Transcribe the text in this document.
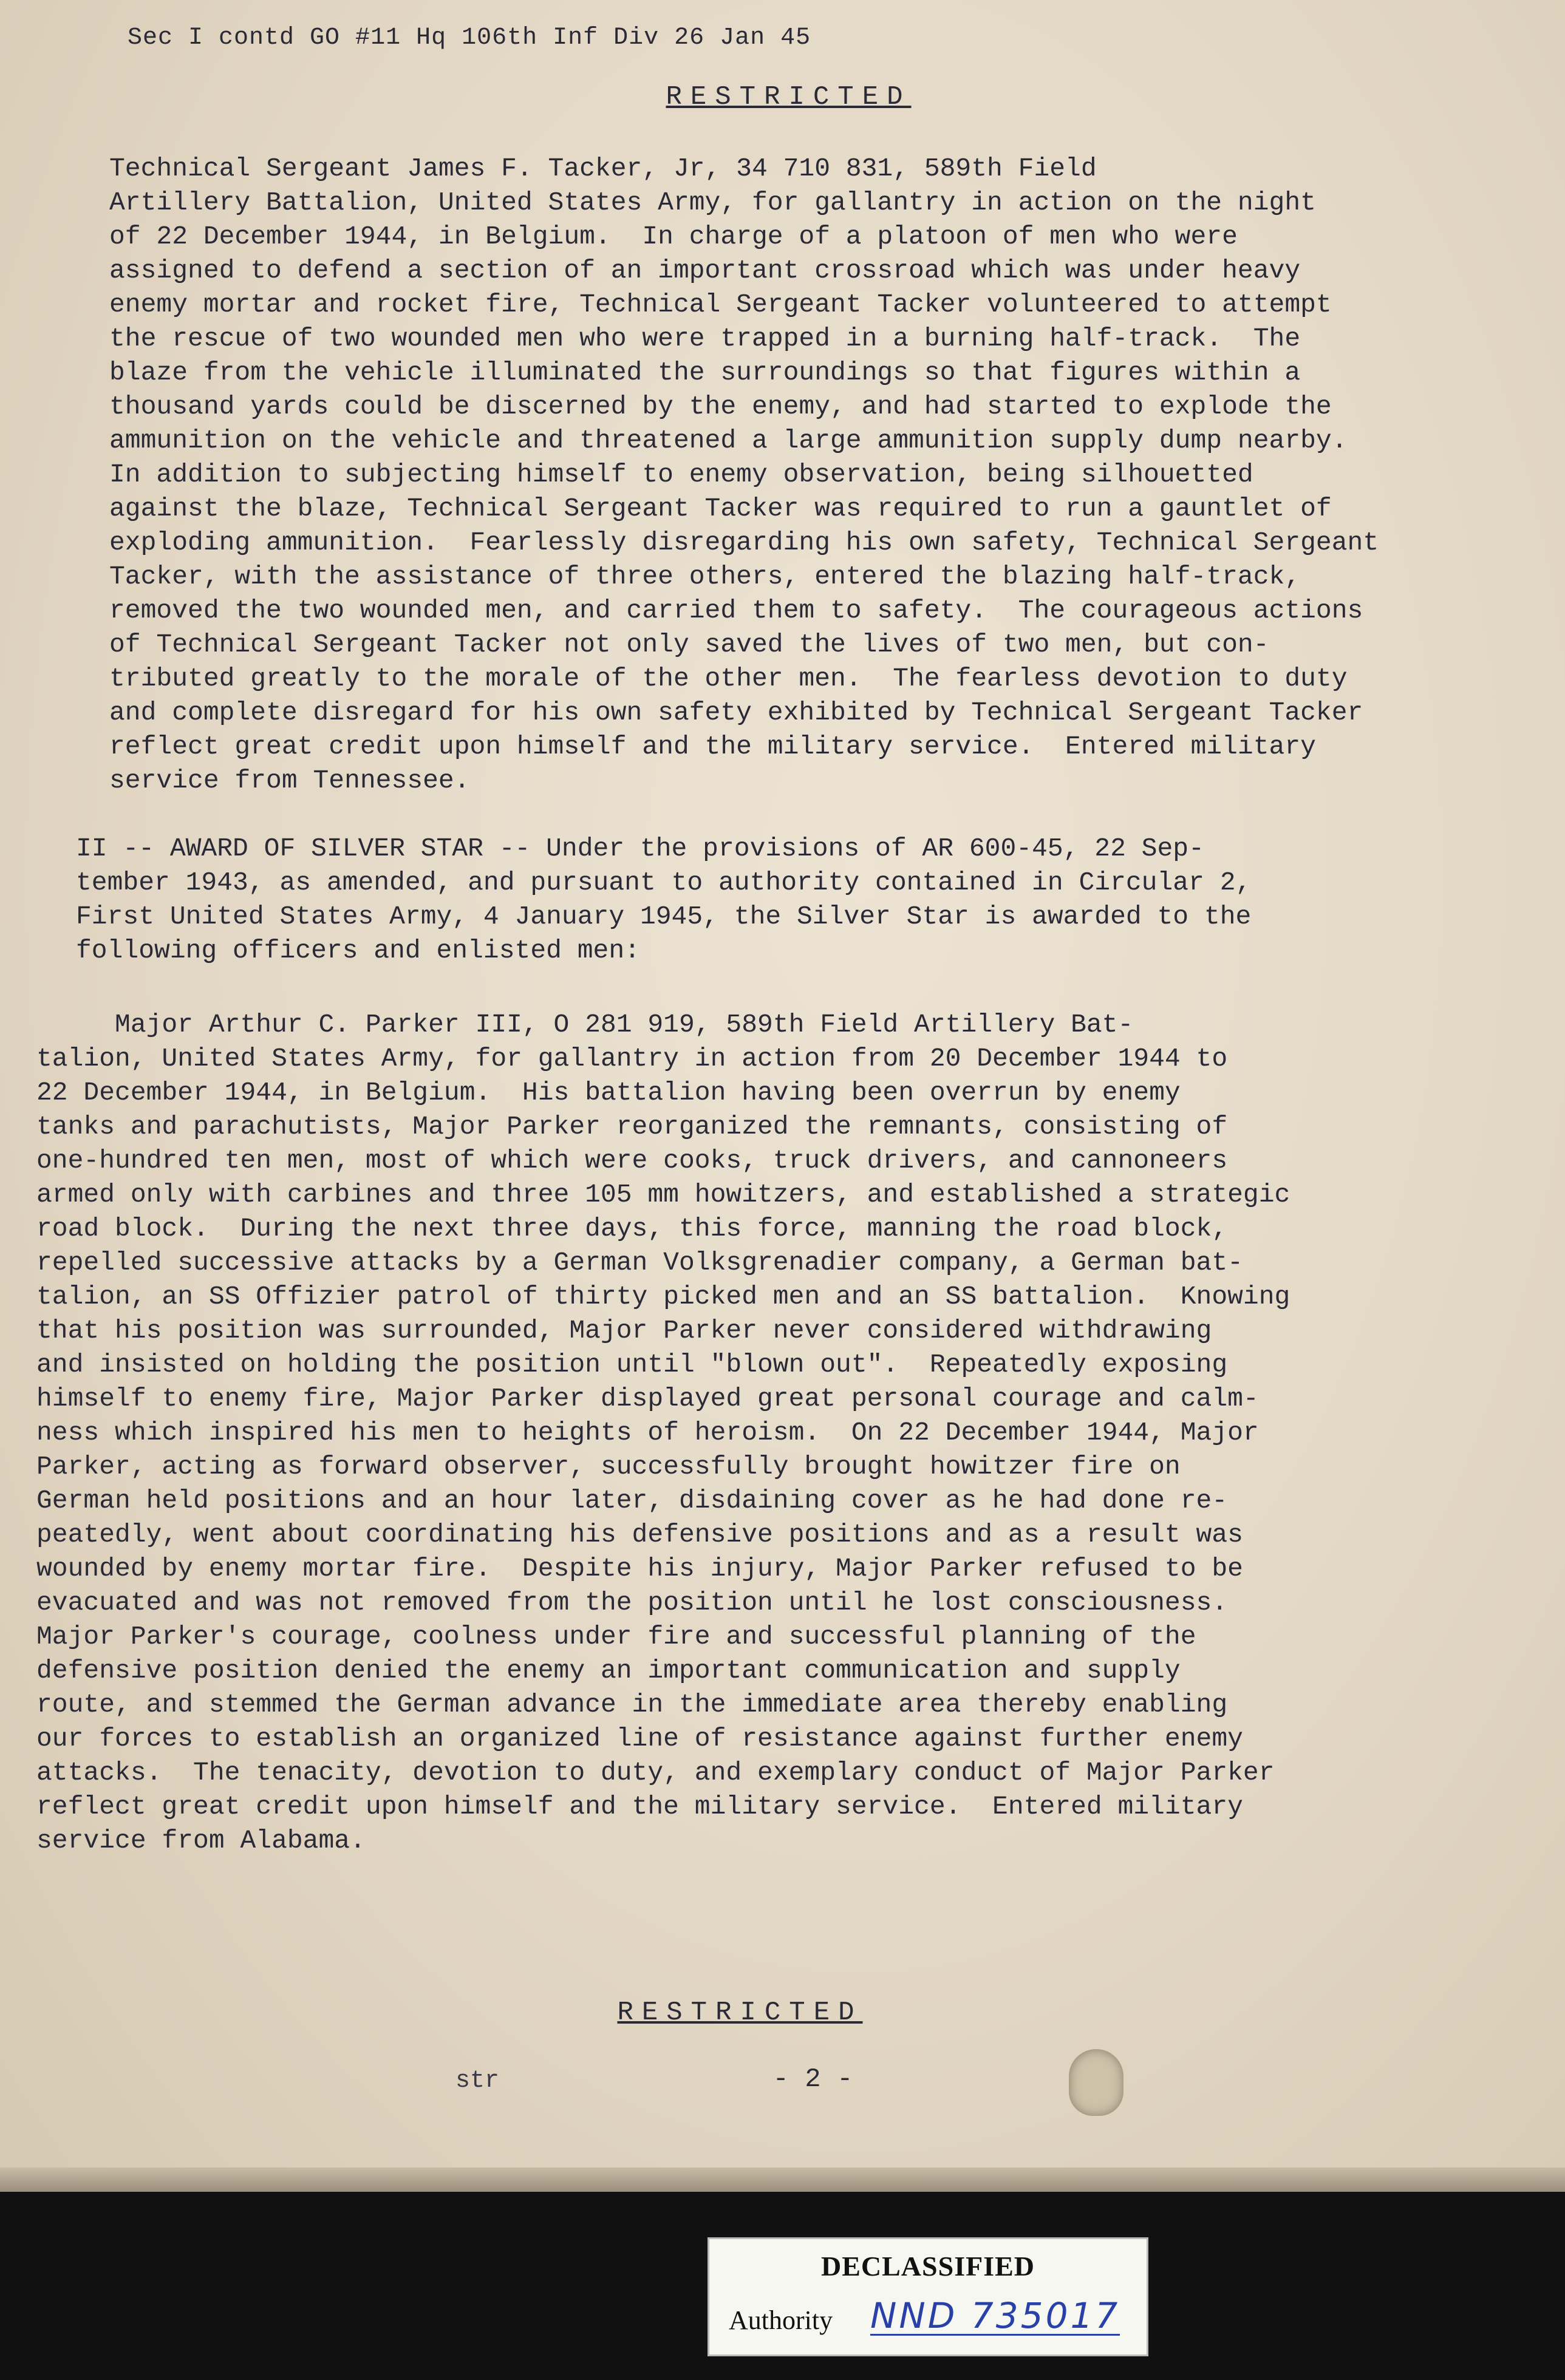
Sec I contd GO #11 Hq 106th Inf Div 26 Jan 45
RESTRICTED
Technical Sergeant James F. Tacker, Jr, 34 710 831, 589th Field
Artillery Battalion, United States Army, for gallantry in action on the night
of 22 December 1944, in Belgium.  In charge of a platoon of men who were
assigned to defend a section of an important crossroad which was under heavy
enemy mortar and rocket fire, Technical Sergeant Tacker volunteered to attempt
the rescue of two wounded men who were trapped in a burning half-track.  The
blaze from the vehicle illuminated the surroundings so that figures within a
thousand yards could be discerned by the enemy, and had started to explode the
ammunition on the vehicle and threatened a large ammunition supply dump nearby.
In addition to subjecting himself to enemy observation, being silhouetted
against the blaze, Technical Sergeant Tacker was required to run a gauntlet of
exploding ammunition.  Fearlessly disregarding his own safety, Technical Sergeant
Tacker, with the assistance of three others, entered the blazing half-track,
removed the two wounded men, and carried them to safety.  The courageous actions
of Technical Sergeant Tacker not only saved the lives of two men, but con-
tributed greatly to the morale of the other men.  The fearless devotion to duty
and complete disregard for his own safety exhibited by Technical Sergeant Tacker
reflect great credit upon himself and the military service.  Entered military
service from Tennessee.
II -- AWARD OF SILVER STAR -- Under the provisions of AR 600-45, 22 Sep-
tember 1943, as amended, and pursuant to authority contained in Circular 2,
First United States Army, 4 January 1945, the Silver Star is awarded to the
following officers and enlisted men:
Major Arthur C. Parker III, O 281 919, 589th Field Artillery Bat-
talion, United States Army, for gallantry in action from 20 December 1944 to
22 December 1944, in Belgium.  His battalion having been overrun by enemy
tanks and parachutists, Major Parker reorganized the remnants, consisting of
one-hundred ten men, most of which were cooks, truck drivers, and cannoneers
armed only with carbines and three 105 mm howitzers, and established a strategic
road block.  During the next three days, this force, manning the road block,
repelled successive attacks by a German Volksgrenadier company, a German bat-
talion, an SS Offizier patrol of thirty picked men and an SS battalion.  Knowing
that his position was surrounded, Major Parker never considered withdrawing
and insisted on holding the position until "blown out".  Repeatedly exposing
himself to enemy fire, Major Parker displayed great personal courage and calm-
ness which inspired his men to heights of heroism.  On 22 December 1944, Major
Parker, acting as forward observer, successfully brought howitzer fire on
German held positions and an hour later, disdaining cover as he had done re-
peatedly, went about coordinating his defensive positions and as a result was
wounded by enemy mortar fire.  Despite his injury, Major Parker refused to be
evacuated and was not removed from the position until he lost consciousness.
Major Parker's courage, coolness under fire and successful planning of the
defensive position denied the enemy an important communication and supply
route, and stemmed the German advance in the immediate area thereby enabling
our forces to establish an organized line of resistance against further enemy
attacks.  The tenacity, devotion to duty, and exemplary conduct of Major Parker
reflect great credit upon himself and the military service.  Entered military
service from Alabama.
RESTRICTED
str	- 2 -
DECLASSIFIED
Authority NND 735017
